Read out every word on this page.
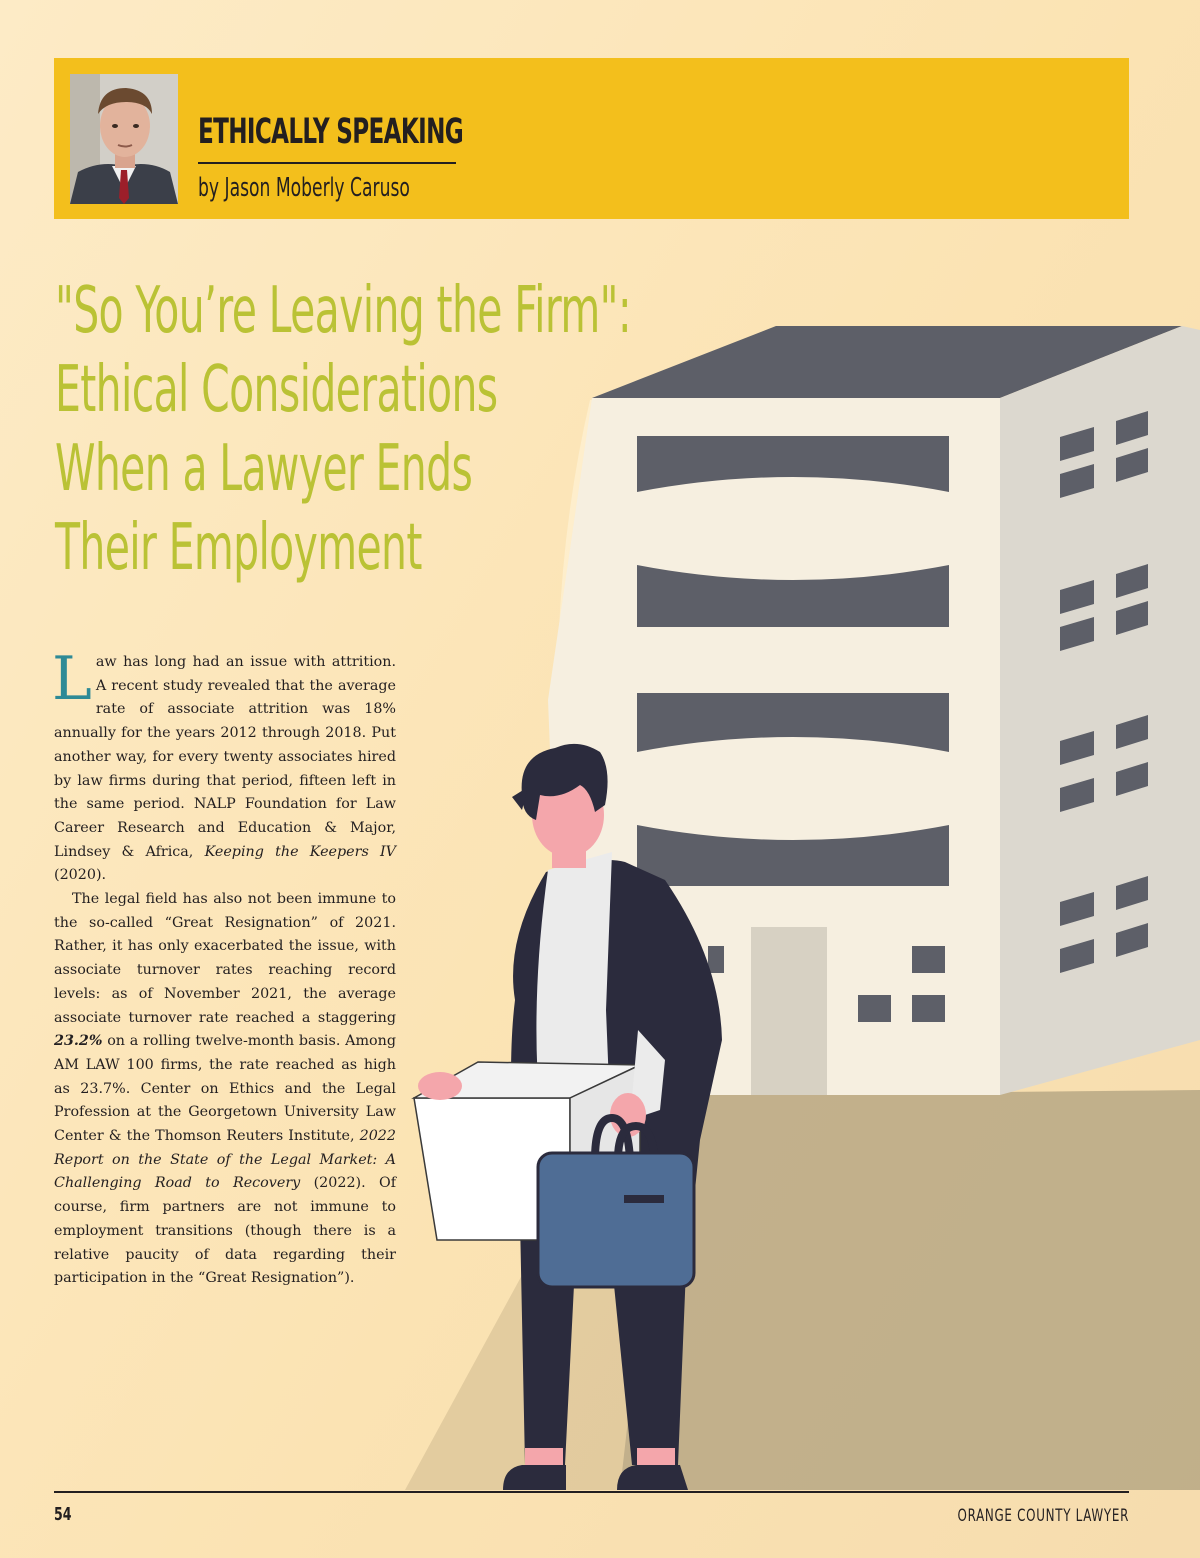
ETHICALLY SPEAKING
by Jason Moberly Caruso
"So You’re Leaving the Firm":
Ethical Considerations
When a Lawyer Ends
Their Employment

Law has long had an issue with attrition. A recent study revealed that the average rate of associate attrition was 18% annually for the years 2012 through 2018. Put another way, for every twenty associates hired by law firms during that period, fifteen left in the same period. NALP Foundation for Law Career Research and Education & Major, Lindsey & Africa, Keeping the Keepers IV (2020).

The legal field has also not been immune to the so-called “Great Resignation” of 2021. Rather, it has only exacerbated the issue, with associate turnover rates reaching record levels: as of November 2021, the average associate turnover rate reached a staggering 23.2% on a rolling twelve-month basis. Among AM LAW 100 firms, the rate reached as high as 23.7%. Center on Ethics and the Legal Profession at the Georgetown University Law Center & the Thomson Reuters Institute, 2022 Report on the State of the Legal Market: A Challenging Road to Recovery (2022). Of course, firm partners are not immune to employment transitions (though there is a relative paucity of data regarding their participation in the “Great Resignation”).

54	ORANGE COUNTY LAWYER
